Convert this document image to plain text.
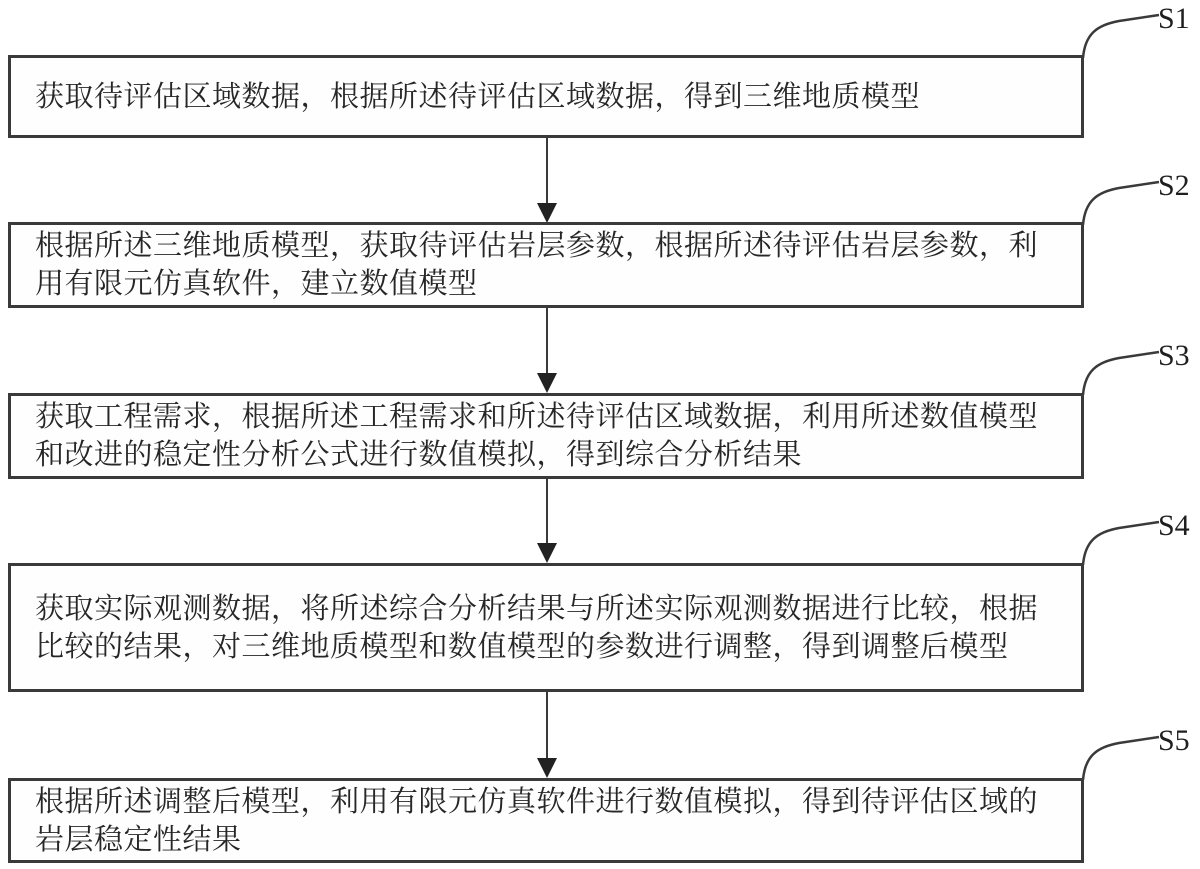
S1
获取待评估区域数据，根据所述待评估区域数据，得到三维地质模型
S2
根据所述三维地质模型，获取待评估岩层参数，根据所述待评估岩层参数，利用有限元仿真软件，建立数值模型
S3
获取工程需求，根据所述工程需求和所述待评估区域数据，利用所述数值模型和改进的稳定性分析公式进行数值模拟，得到综合分析结果
S4
获取实际观测数据，将所述综合分析结果与所述实际观测数据进行比较，根据比较的结果，对三维地质模型和数值模型的参数进行调整，得到调整后模型
S5
根据所述调整后模型，利用有限元仿真软件进行数值模拟，得到待评估区域的岩层稳定性结果
